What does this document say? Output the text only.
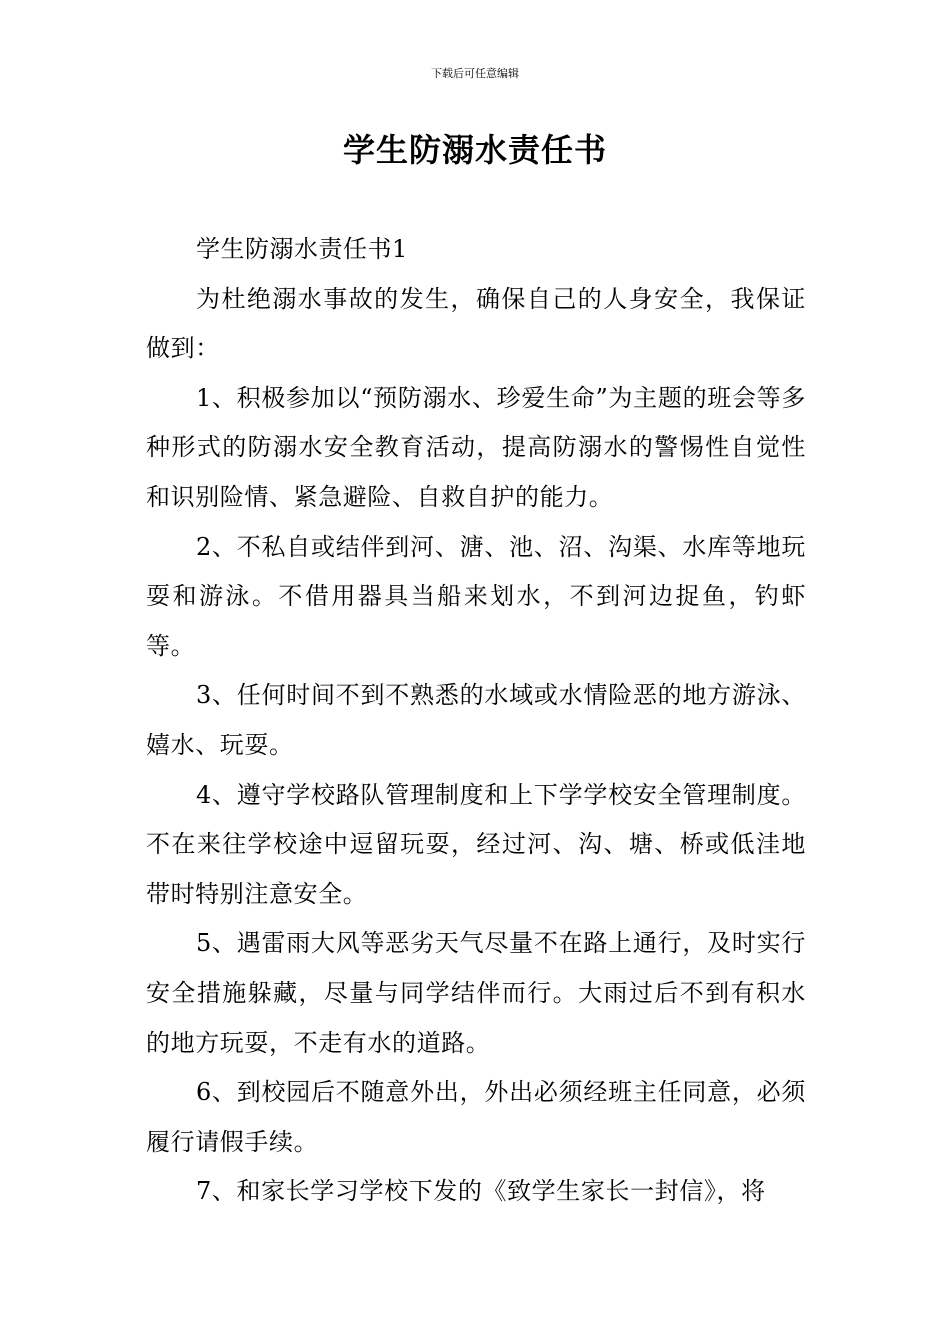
下载后可任意编辑
学生防溺水责任书

学生防溺水责任书1

为杜绝溺水事故的发生，确保自己的人身安全，我保证做到：

1、积极参加以“预防溺水、珍爱生命”为主题的班会等多种形式的防溺水安全教育活动，提高防溺水的警惕性自觉性和识别险情、紧急避险、自救自护的能力。

2、不私自或结伴到河、溏、池、沼、沟渠、水库等地玩耍和游泳。不借用器具当船来划水，不到河边捉鱼，钓虾等。

3、任何时间不到不熟悉的水域或水情险恶的地方游泳、嬉水、玩耍。

4、遵守学校路队管理制度和上下学学校安全管理制度。不在来往学校途中逗留玩耍，经过河、沟、塘、桥或低洼地带时特别注意安全。

5、遇雷雨大风等恶劣天气尽量不在路上通行，及时实行安全措施躲藏，尽量与同学结伴而行。大雨过后不到有积水的地方玩耍，不走有水的道路。

6、到校园后不随意外出，外出必须经班主任同意，必须履行请假手续。

7、和家长学习学校下发的《致学生家长一封信》，将
